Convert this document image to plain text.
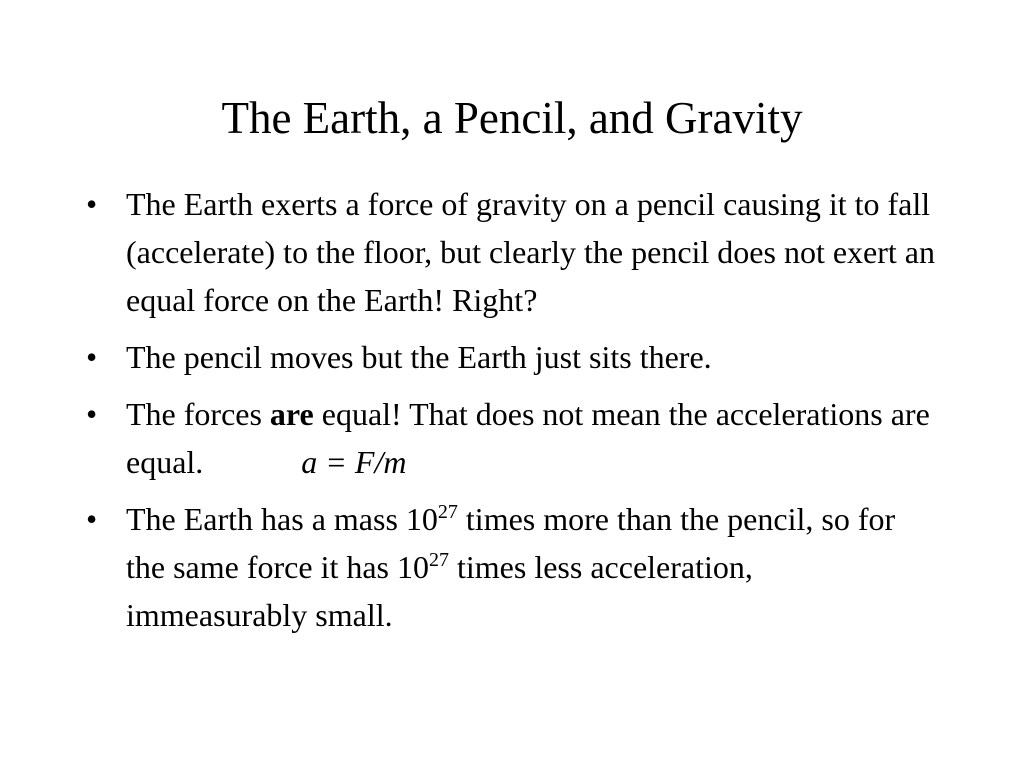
The Earth, a Pencil, and Gravity
• The Earth exerts a force of gravity on a pencil causing it to fall (accelerate) to the floor, but clearly the pencil does not exert an equal force on the Earth! Right?
• The pencil moves but the Earth just sits there.
• The forces are equal! That does not mean the accelerations are equal.	a = F/m
• The Earth has a mass $10^{27}$ times more than the pencil, so for the same force it has $10^{27}$ times less acceleration, immeasurably small.
